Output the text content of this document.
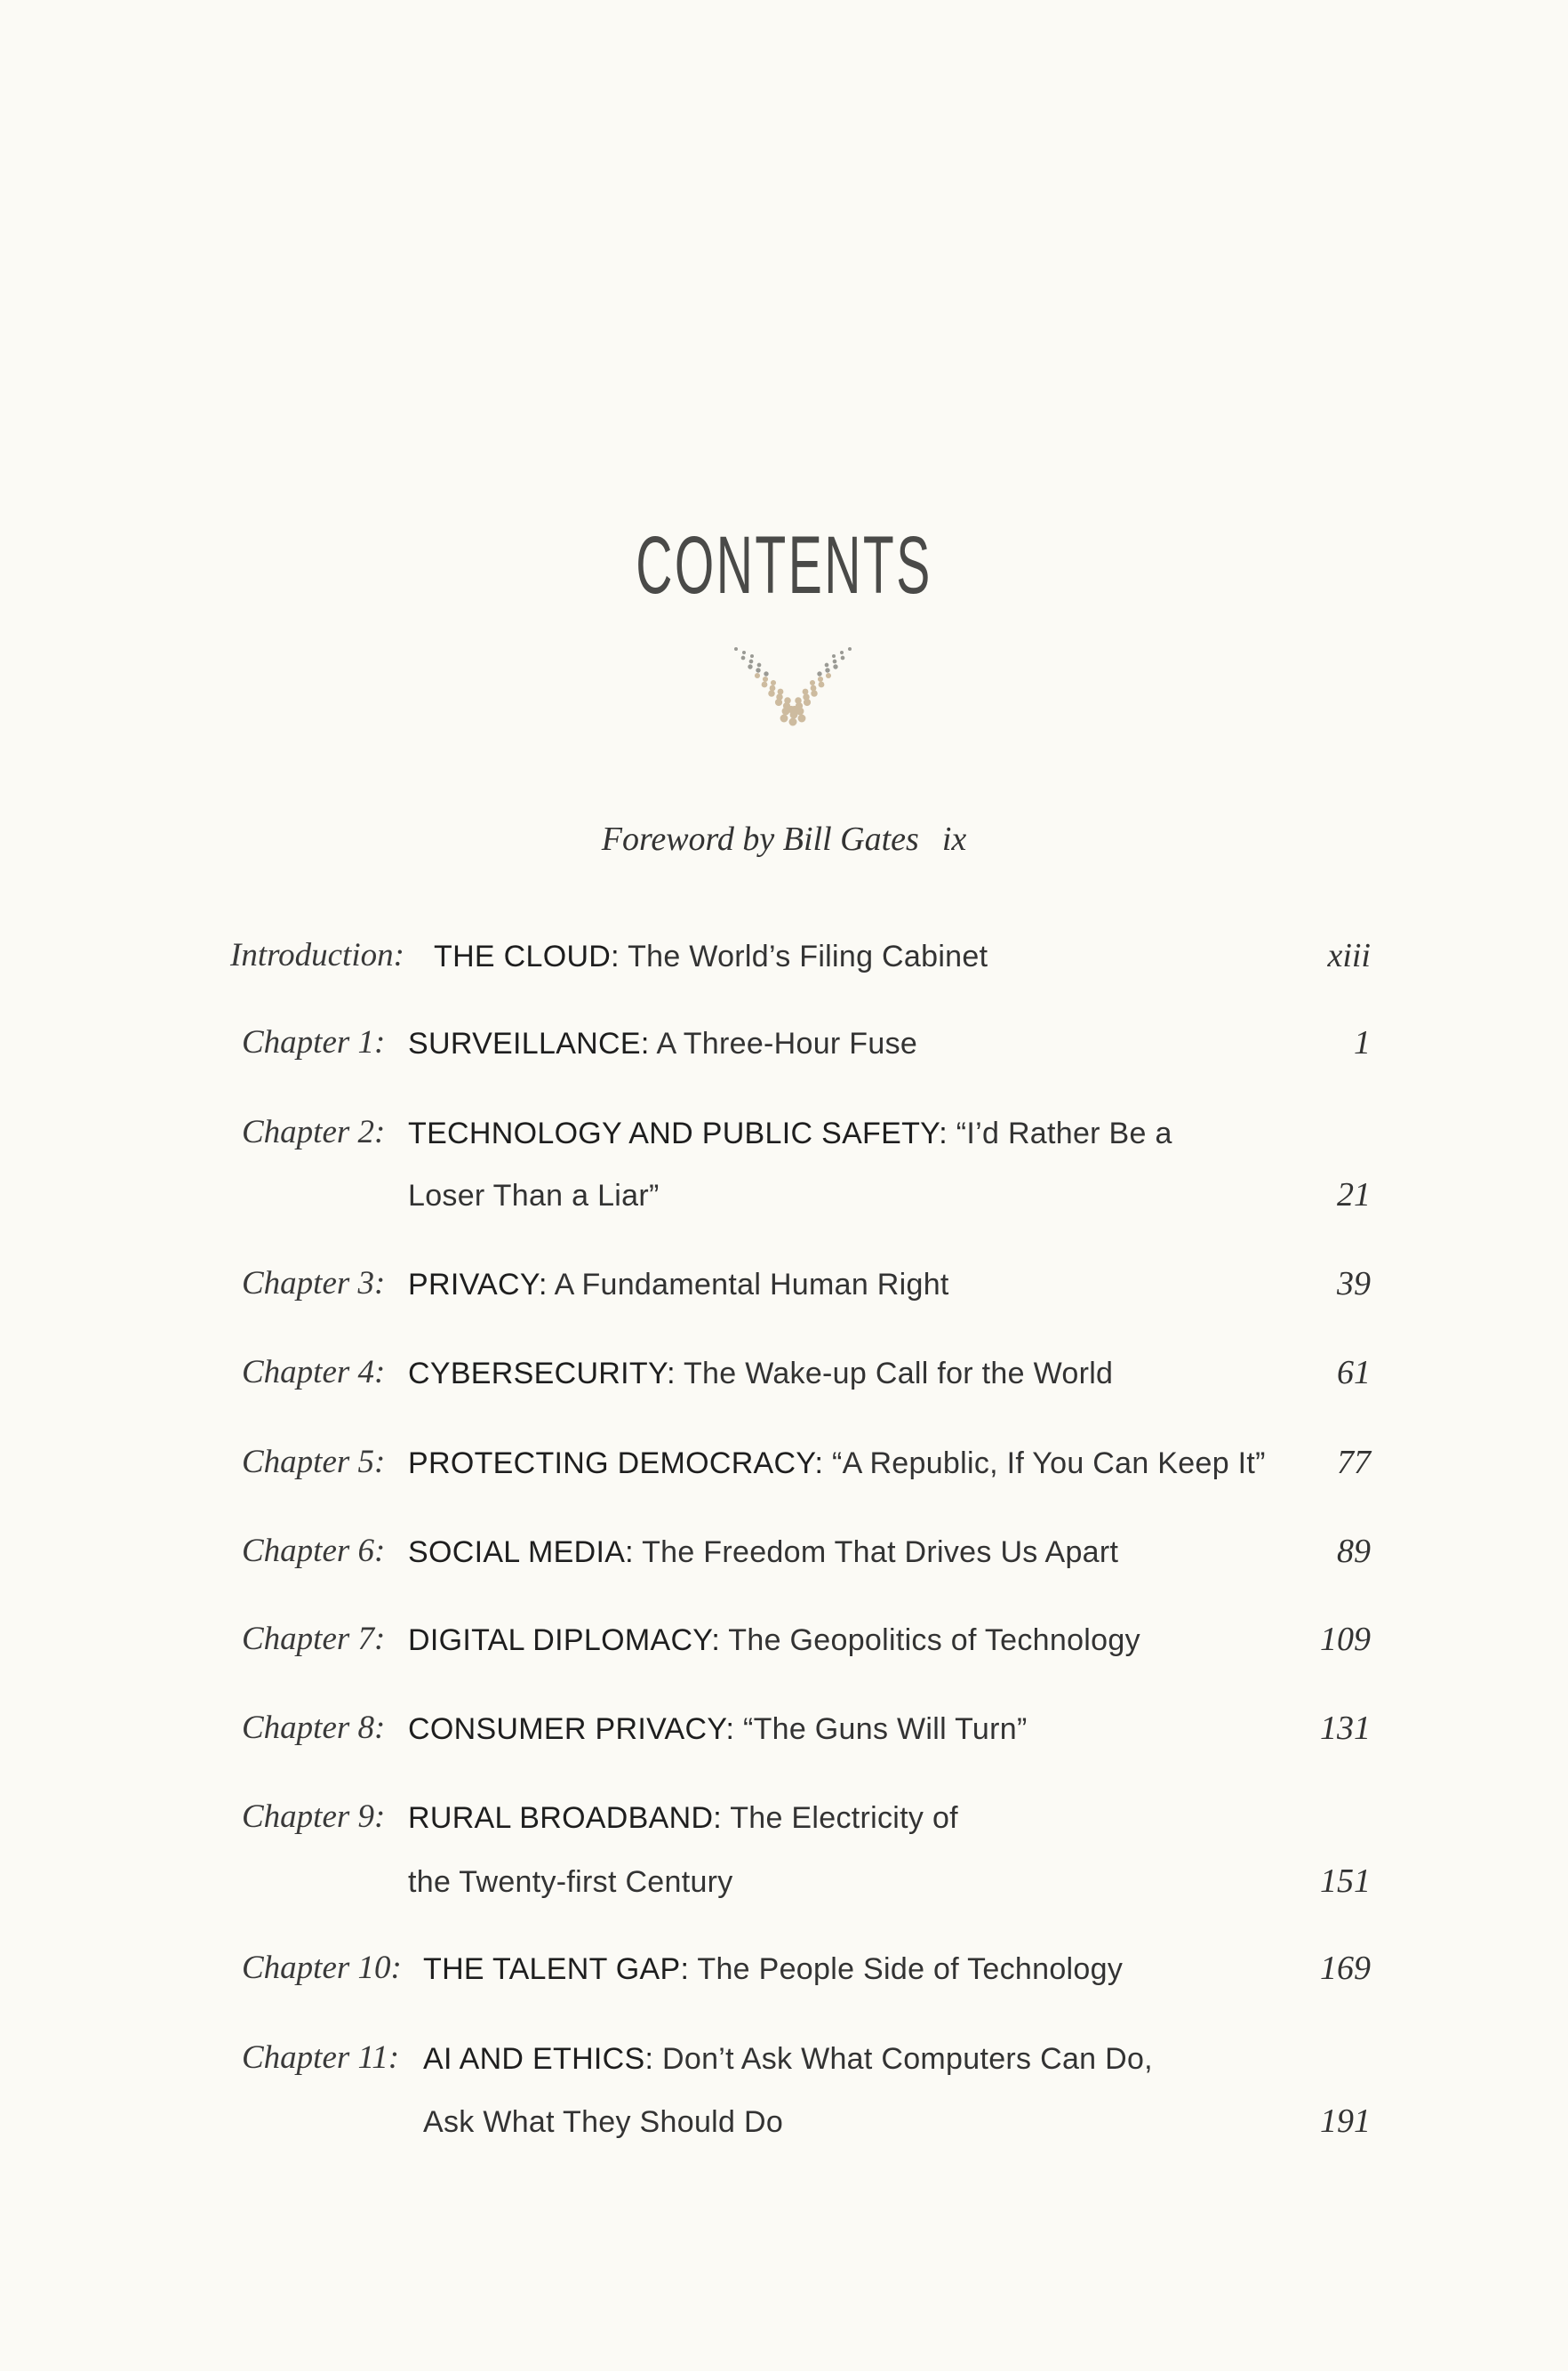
CONTENTS
Foreword by Bill Gates ix
Introduction: THE CLOUD: The World’s Filing Cabinet	xiii
Chapter 1: SURVEILLANCE: A Three-Hour Fuse	1
Chapter 2: TECHNOLOGY AND PUBLIC SAFETY: “I’d Rather Be a
Loser Than a Liar”	21
Chapter 3: PRIVACY: A Fundamental Human Right	39
Chapter 4: CYBERSECURITY: The Wake-up Call for the World	61
Chapter 5: PROTECTING DEMOCRACY: “A Republic, If You Can Keep It” 77
Chapter 6: SOCIAL MEDIA: The Freedom That Drives Us Apart	89
Chapter 7: DIGITAL DIPLOMACY: The Geopolitics of Technology	109
Chapter 8: CONSUMER PRIVACY: “The Guns Will Turn”	131
Chapter 9: RURAL BROADBAND: The Electricity of
the Twenty-first Century	151
Chapter 10: THE TALENT GAP: The People Side of Technology	169
Chapter 11: AI AND ETHICS: Don’t Ask What Computers Can Do,
Ask What They Should Do	191
